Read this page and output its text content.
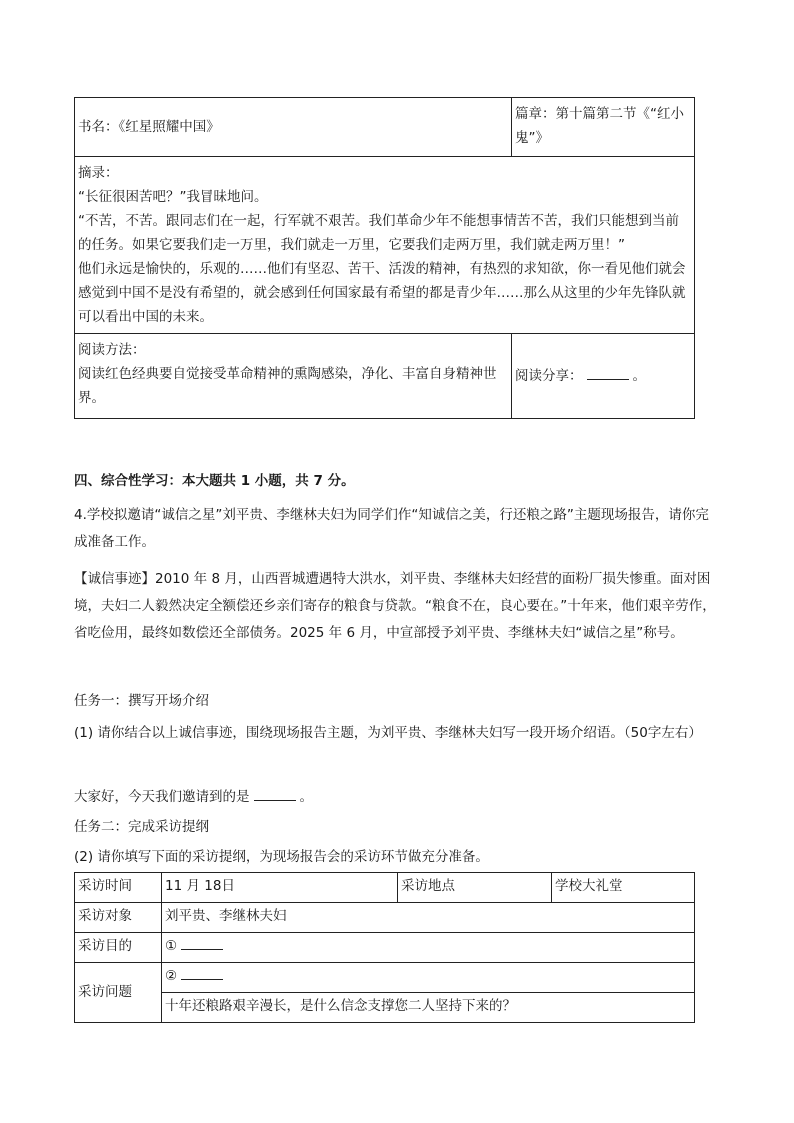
书名：《红星照耀中国》	篇章：第十篇第二节《“红小鬼”》

摘录：
“长征很困苦吧？”我冒昧地问。
“不苦，不苦。跟同志们在一起，行军就不艰苦。我们革命少年不能想事情苦不苦，我们只能想到当前的任务。如果它要我们走一万里，我们就走一万里，它要我们走两万里，我们就走两万里！”
他们永远是愉快的，乐观的……他们有坚忍、苦干、活泼的精神，有热烈的求知欲，你一看见他们就会感觉到中国不是没有希望的，就会感到任何国家最有希望的都是青少年……那么从这里的少年先锋队就可以看出中国的未来。	

阅读方法：
阅读红色经典要自觉接受革命精神的熏陶感染，净化、丰富自身精神世界。	阅读分享： 。

四、综合性学习：本大题共 1 小题，共 7 分。

4.学校拟邀请“诚信之星”刘平贵、李继林夫妇为同学们作“知诚信之美，行还粮之路”主题现场报告，请你完成准备工作。

【诚信事迹】2010 年 8 月，山西晋城遭遇特大洪水，刘平贵、李继林夫妇经营的面粉厂损失惨重。面对困境，夫妇二人毅然决定全额偿还乡亲们寄存的粮食与贷款。“粮食不在，良心要在。”十年来，他们艰辛劳作，省吃俭用，最终如数偿还全部债务。2025 年 6 月，中宣部授予刘平贵、李继林夫妇“诚信之星”称号。

任务一：撰写开场介绍

(1) 请你结合以上诚信事迹，围绕现场报告主题，为刘平贵、李继林夫妇写一段开场介绍语。（50字左右）

大家好，今天我们邀请到的是	。

任务二：完成采访提纲

(2) 请你填写下面的采访提纲，为现场报告会的采访环节做充分准备。

采访时间	11 月 18日	采访地点	学校大礼堂
采访对象	刘平贵、李继林夫妇		
采访目的	①		
采访问题	②		
	十年还粮路艰辛漫长，是什么信念支撑您二人坚持下来的？		
